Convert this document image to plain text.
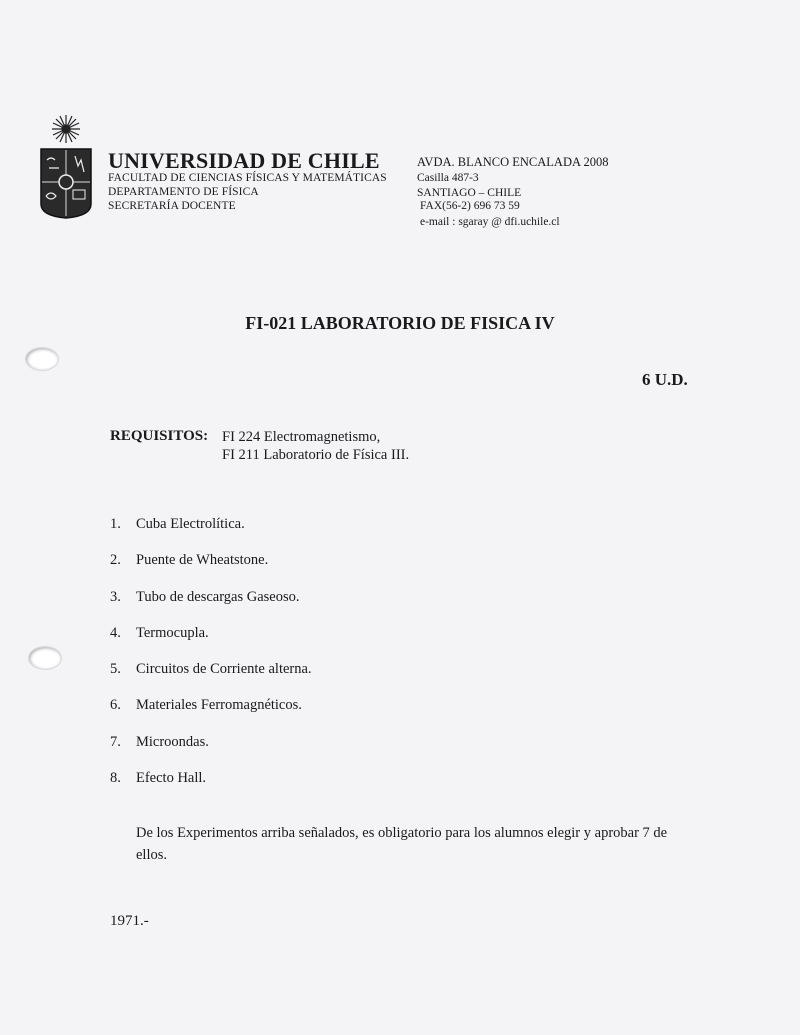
UNIVERSIDAD DE CHILE
FACULTAD DE CIENCIAS FÍSICAS Y MATEMÁTICAS
DEPARTAMENTO DE FÍSICA
SECRETARÍA DOCENTE
AVDA. BLANCO ENCALADA 2008
Casilla 487-3
SANTIAGO – CHILE
FAX(56-2) 696 73 59
e-mail : sgaray @ dfi.uchile.cl
FI-021 LABORATORIO DE FISICA IV
6 U.D.
REQUISITOS: FI 224 Electromagnetismo,
FI 211 Laboratorio de Física III.
1.	Cuba Electrolítica.
2.	Puente de Wheatstone.
3.	Tubo de descargas Gaseoso.
4.	Termocupla.
5.	Circuitos de Corriente alterna.
6.	Materiales Ferromagnéticos.
7.	Microondas.
8.	Efecto Hall.
De los Experimentos arriba señalados, es obligatorio para los alumnos elegir y aprobar 7 de ellos.
1971.-
